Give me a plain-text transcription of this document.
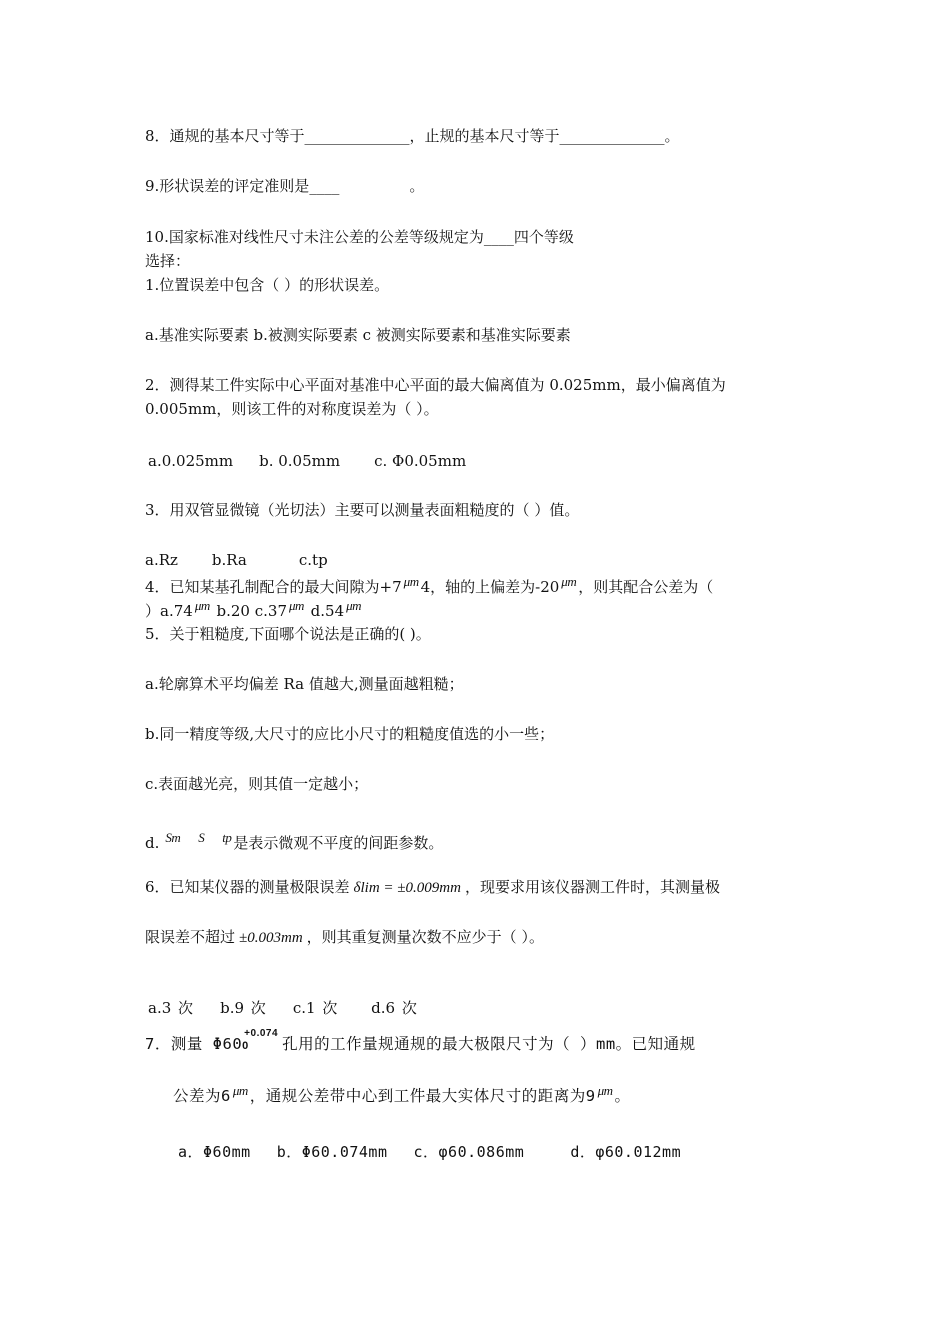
8．通规的基本尺寸等于______________，止规的基本尺寸等于______________。
9.形状误差的评定准则是____	。
10.国家标准对线性尺寸未注公差的公差等级规定为____四个等级
选择：
1.位置误差中包含（ ）的形状误差。
a.基准实际要素 b.被测实际要素 c 被测实际要素和基准实际要素
2．测得某工件实际中心平面对基准中心平面的最大偏离值为 0.025mm，最小偏离值为
0.005mm，则该工件的对称度误差为（ ）。
a.0.025mm b. 0.05mm c. Φ0.05mm
3．用双管显微镜（光切法）主要可以测量表面粗糙度的（ ）值。
a.Rz b.Ra	c.tp
4．已知某基孔制配合的最大间隙为+7 μm 4，轴的上偏差为-20 μm ，则其配合公差为（
）a.74 μm b.20 c.37 μm d.54 μm
5．关于粗糙度,下面哪个说法是正确的( )。
a.轮廓算术平均偏差 Ra 值越大,测量面越粗糙；
b.同一精度等级,大尺寸的应比小尺寸的粗糙度值选的小一些；
c.表面越光亮，则其值一定越小；
d. Sm S tp 是表示微观不平度的间距参数。
6．已知某仪器的测量极限误差 δlim = ±0.009mm ，现要求用该仪器测工件时，其测量极
限误差不超过 ±0.003mm ，则其重复测量次数不应少于（ ）。
a.3 次    b.9 次    c.1 次     d.6 次
7．测量 Φ60
+0.074
0 孔用的工作量规通规的最大极限尺寸为（ ）mm。已知通规
公差为6 $^{\mu m}$ ，通规公差带中心到工件最大实体尺寸的距离为9 $^{\mu m}$ 。
a．Φ60mm b．Φ60.074mm c．φ60.086mm	d．φ60.012mm
